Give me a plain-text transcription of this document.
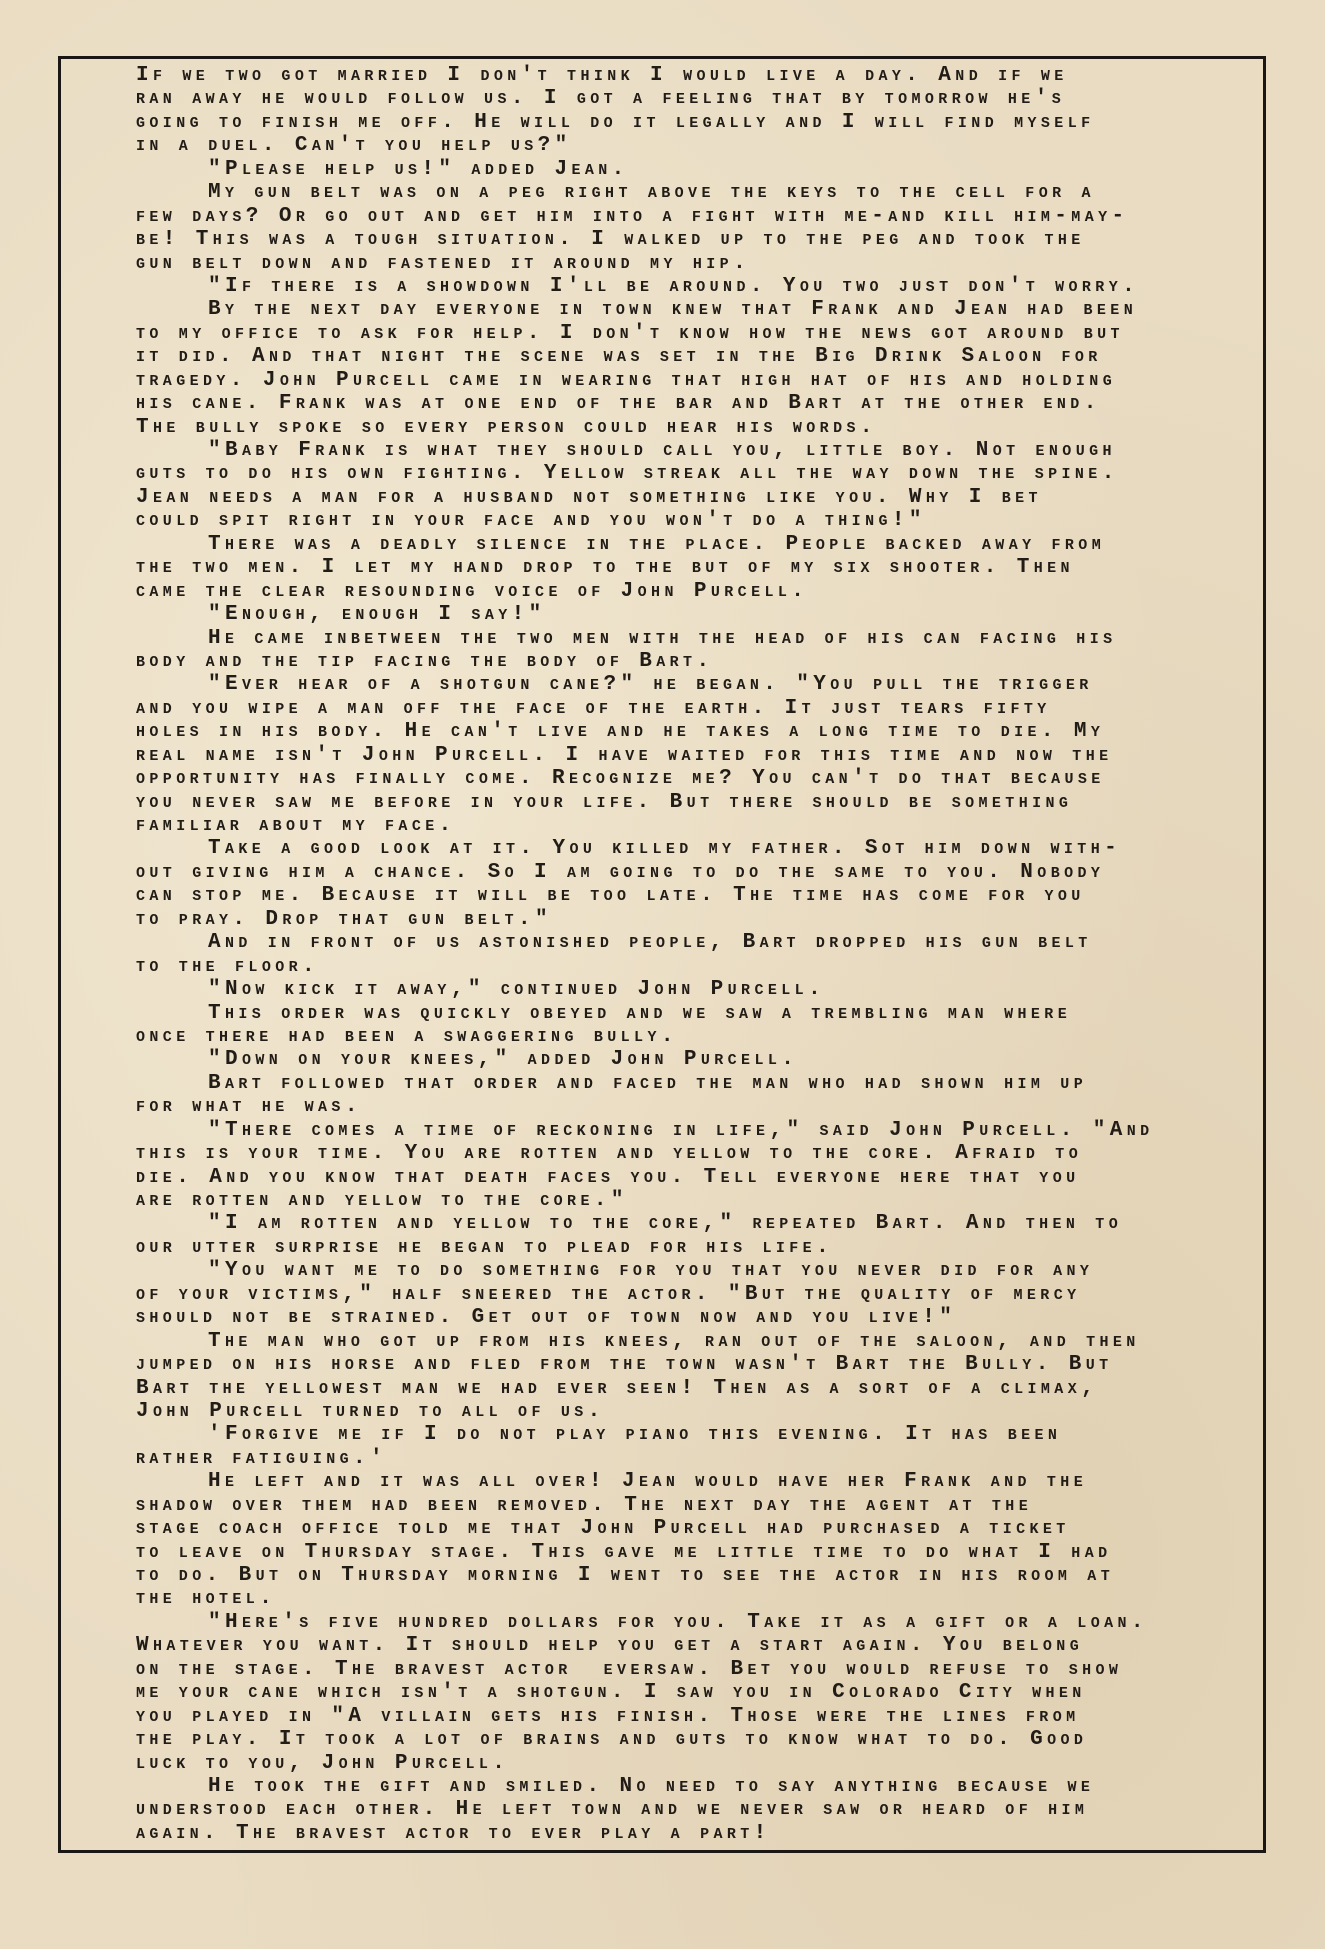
If we two got married I don't think I would live a day. And if we
ran away he would follow us. I got a feeling that by tomorrow he's
going to finish me off. He will do it legally and I will find myself
in a duel. Can't you help us?"
"Please help us!" added Jean.
My gun belt was on a peg right above the keys to the cell for a
few days? Or go out and get him into a fight with me-and kill him-may-
be! This was a tough situation. I walked up to the peg and took the
gun belt down and fastened it around my hip.
"If there is a showdown I'll be around. You two just don't worry.
By the next day everyone in town knew that Frank and Jean had been
to my office to ask for help. I don't know how the news got around but
it did. And that night the scene was set in the Big Drink Saloon for
tragedy. John Purcell came in wearing that high hat of his and holding
his cane. Frank was at one end of the bar and Bart at the other end.
The bully spoke so every person could hear his words.
"Baby Frank is what they should call you, little boy. Not enough
guts to do his own fighting. Yellow streak all the way down the spine.
Jean needs a man for a husband not something like you. Why I bet
could spit right in your face and you won't do a thing!"
There was a deadly silence in the place. People backed away from
the two men. I let my hand drop to the but of my six shooter. Then
came the clear resounding voice of John Purcell.
"Enough, enough I say!"
He came inbetween the two men with the head of his can facing his
body and the tip facing the body of Bart.
"Ever hear of a shotgun cane?" he began. "You pull the trigger
and you wipe a man off the face of the earth. It just tears fifty
holes in his body. He can't live and he takes a long time to die. My
real name isn't John Purcell. I have waited for this time and now the
opportunity has finally come. Recognize me? You can't do that because
you never saw me before in your life. But there should be something
familiar about my face.
Take a good look at it. You killed my father. Sot him down with-
out giving him a chance. So I am going to do the same to you. Nobody
can stop me. Because it will be too late. The time has come for you
to pray. Drop that gun belt."
And in front of us astonished people, Bart dropped his gun belt
to the floor.
"Now kick it away," continued John Purcell.
This order was quickly obeyed and we saw a trembling man where
once there had been a swaggering bully.
"Down on your knees," added John Purcell.
Bart followed that order and faced the man who had shown him up
for what he was.
"There comes a time of reckoning in life," said John Purcell. "And
this is your time. You are rotten and yellow to the core. Afraid to
die. And you know that death faces you. Tell everyone here that you
are rotten and yellow to the core."
"I am rotten and yellow to the core," repeated Bart. And then to
our utter surprise he began to plead for his life.
"You want me to do something for you that you never did for any
of your victims," half sneered the actor. "But the quality of mercy
should not be strained. Get out of town now and you live!"
The man who got up from his knees, ran out of the saloon, and then
jumped on his horse and fled from the town wasn't Bart the Bully. But
Bart the yellowest man we had ever seen! Then as a sort of a climax,
John Purcell turned to all of us.
'Forgive me if I do not play piano this evening. It has been
rather fatiguing.'
He left and it was all over! Jean would have her Frank and the
shadow over them had been removed. The next day the agent at the
stage coach office told me that John Purcell had purchased a ticket
to leave on Thursday stage. This gave me little time to do what I had
to do. But on Thursday morning I went to see the actor in his room at
the hotel.
"Here's five hundred dollars for you. Take it as a gift or a loan.
Whatever you want. It should help you get a start again. You belong
on the stage. The bravest actor  eversaw. Bet you would refuse to show
me your cane which isn't a shotgun. I saw you in Colorado City when
you played in "A villain gets his finish. Those were the lines from
the play. It took a lot of brains and guts to know what to do. Good
luck to you, John Purcell.
He took the gift and smiled. No need to say anything because we
understood each other. He left town and we never saw or heard of him
again. The bravest actor to ever play a part!
